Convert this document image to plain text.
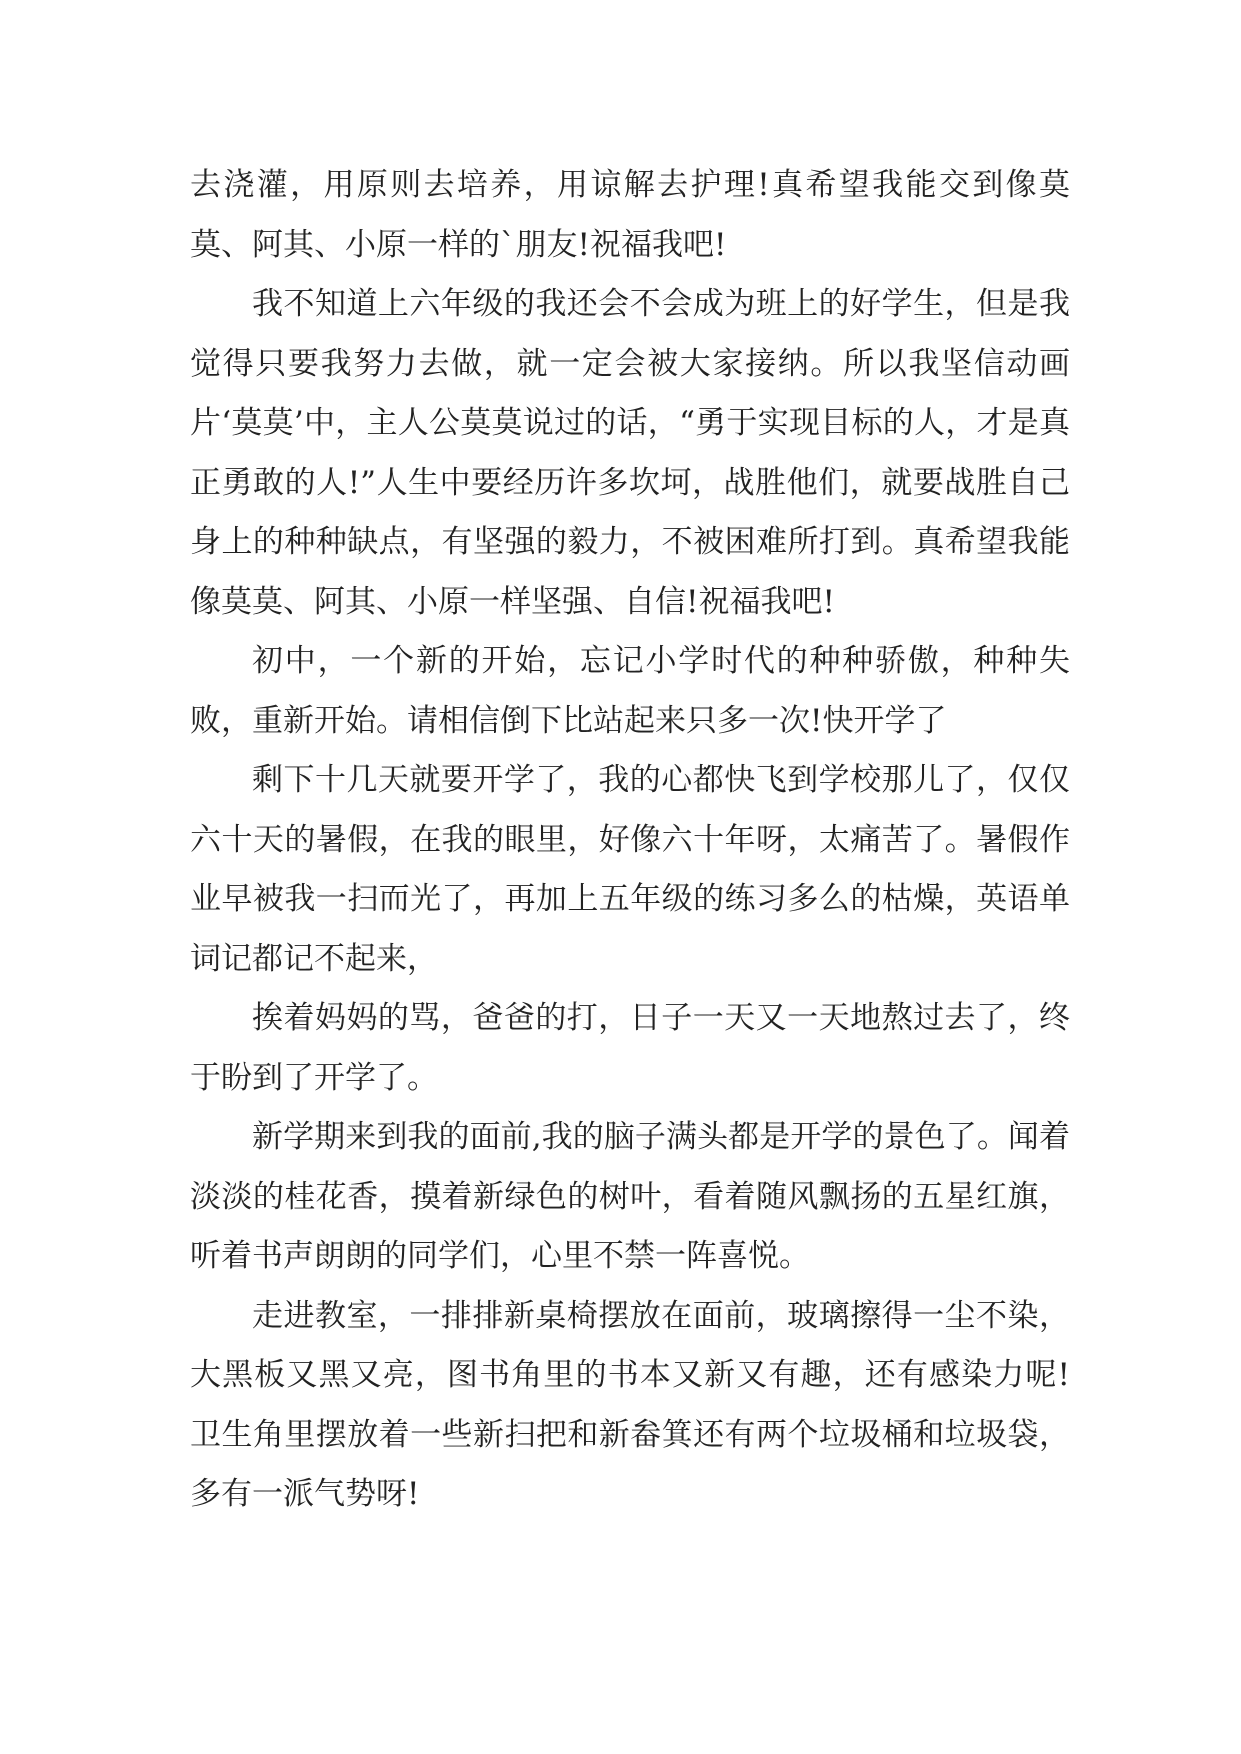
去浇灌，用原则去培养，用谅解去护理!真希望我能交到像莫莫、阿其、小原一样的`朋友!祝福我吧!

我不知道上六年级的我还会不会成为班上的好学生，但是我觉得只要我努力去做，就一定会被大家接纳。所以我坚信动画片‘莫莫’中，主人公莫莫说过的话，“勇于实现目标的人，才是真正勇敢的人!”人生中要经历许多坎坷，战胜他们，就要战胜自己身上的种种缺点，有坚强的毅力，不被困难所打到。真希望我能像莫莫、阿其、小原一样坚强、自信!祝福我吧!

初中，一个新的开始，忘记小学时代的种种骄傲，种种失败，重新开始。请相信倒下比站起来只多一次!快开学了

剩下十几天就要开学了，我的心都快飞到学校那儿了，仅仅六十天的暑假，在我的眼里，好像六十年呀，太痛苦了。暑假作业早被我一扫而光了，再加上五年级的练习多么的枯燥，英语单词记都记不起来，

挨着妈妈的骂，爸爸的打，日子一天又一天地熬过去了，终于盼到了开学了。

新学期来到我的面前,我的脑子满头都是开学的景色了。闻着淡淡的桂花香，摸着新绿色的树叶，看着随风飘扬的五星红旗，听着书声朗朗的同学们，心里不禁一阵喜悦。

走进教室，一排排新桌椅摆放在面前，玻璃擦得一尘不染，大黑板又黑又亮，图书角里的书本又新又有趣，还有感染力呢!卫生角里摆放着一些新扫把和新畚箕还有两个垃圾桶和垃圾袋，多有一派气势呀!
